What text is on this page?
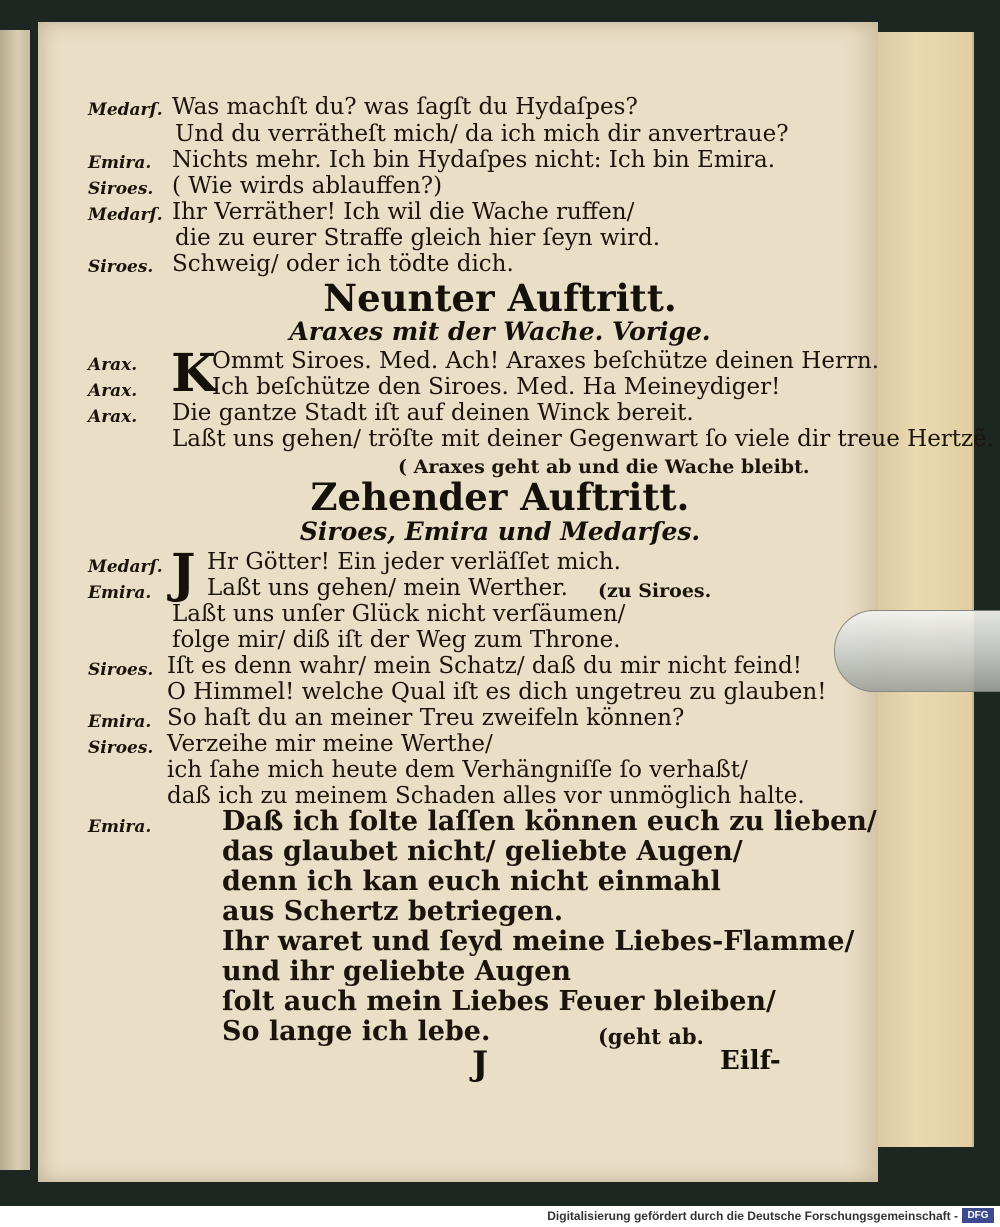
Medarſ. Was machſt du? was ſagſt du Hydaſpes?
Und du verrätheſt mich/ da ich mich dir anvertraue?
Emira. Nichts mehr. Ich bin Hydaſpes nicht: Ich bin Emira.
Siroes. ( Wie wirds ablauffen?)
Medarſ. Ihr Verräther! Ich wil die Wache ruffen/
die zu eurer Straffe gleich hier ſeyn wird.
Siroes. Schweig/ oder ich tödte dich.
Neunter Auftritt.
Araxes mit der Wache. Vorige.
K
Arax.	Ommt Siroes. Med. Ach! Araxes beſchütze deinen Herrn.
Arax.	Ich beſchütze den Siroes. Med. Ha Meineydiger!
Arax. Die gantze Stadt iſt auf deinen Winck bereit.
Laßt uns gehen/ tröſte mit deiner Gegenwart ſo viele dir treue Hertzẽ.
( Araxes geht ab und die Wache bleibt.
Zehender Auftritt.
Siroes, Emira und Medarſes.
J
Medarſ. Hr Götter! Ein jeder verläſſet mich.
Emira. Laßt uns gehen/ mein Werther. (zu Siroes.
Laßt uns unſer Glück nicht verſäumen/
folge mir/ diß iſt der Weg zum Throne.
Siroes. Iſt es denn wahr/ mein Schatz/ daß du mir nicht feind!
O Himmel! welche Qual iſt es dich ungetreu zu glauben!
Emira. So haſt du an meiner Treu zweifeln können?
Siroes. Verzeihe mir meine Werthe/
ich ſahe mich heute dem Verhängniſſe ſo verhaßt/
daß ich zu meinem Schaden alles vor unmöglich halte.
Emira.	Daß ich ſolte laſſen können euch zu lieben/
das glaubet nicht/ geliebte Augen/
denn ich kan euch nicht einmahl
aus Schertz betriegen.
Ihr waret und ſeyd meine Liebes-Flamme/
und ihr geliebte Augen
ſolt auch mein Liebes Feuer bleiben/
So lange ich lebe.	(geht ab.
J	Eilf-
Digitalisierung gefördert durch die Deutsche Forschungsgemeinschaft - DFG
